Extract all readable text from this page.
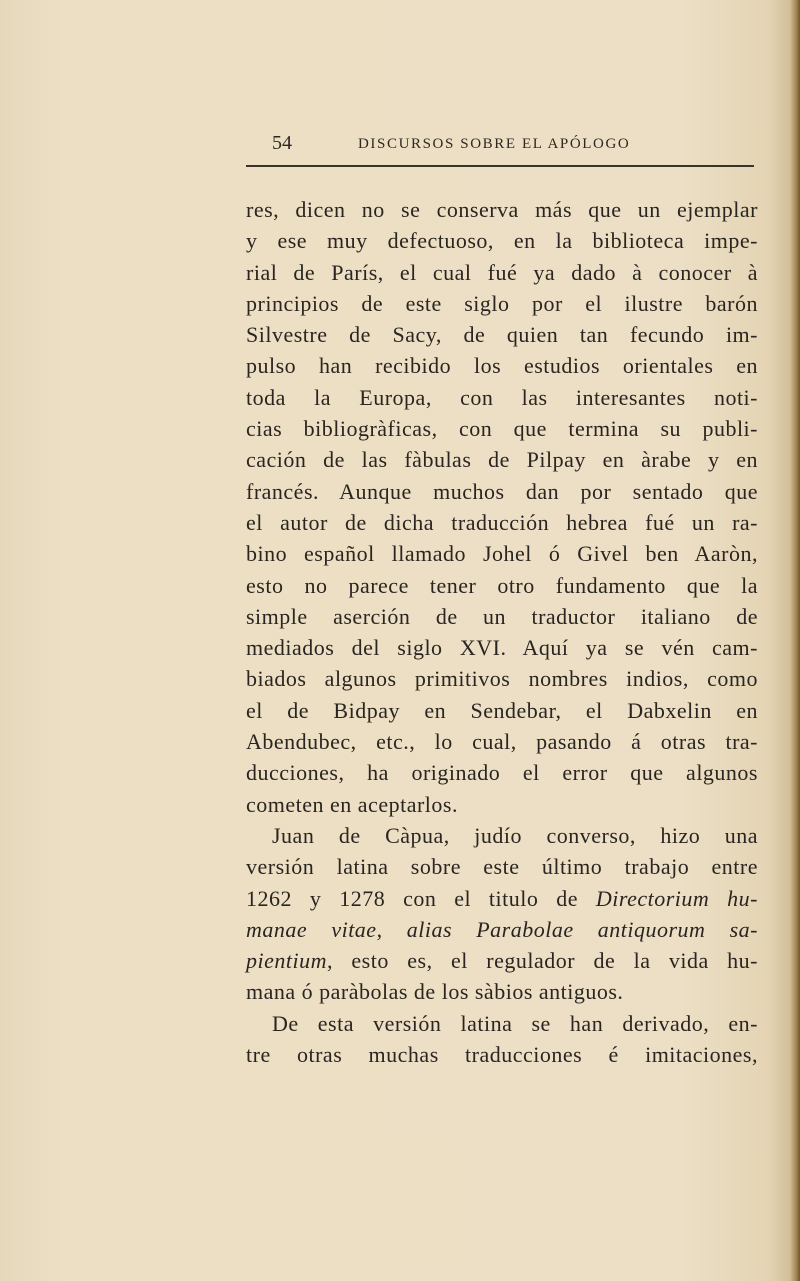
54	DISCURSOS SOBRE EL APÓLOGO
res, dicen no se conserva más que un ejemplar
y ese muy defectuoso, en la biblioteca impe-
rial de París, el cual fué ya dado à conocer à
principios de este siglo por el ilustre barón
Silvestre de Sacy, de quien tan fecundo im-
pulso han recibido los estudios orientales en
toda la Europa, con las interesantes noti-
cias bibliogràficas, con que termina su publi-
cación de las fàbulas de Pilpay en àrabe y en
francés. Aunque muchos dan por sentado que
el autor de dicha traducción hebrea fué un ra-
bino español llamado Johel ó Givel ben Aaròn,
esto no parece tener otro fundamento que la
simple aserción de un traductor italiano de
mediados del siglo XVI. Aquí ya se vén cam-
biados algunos primitivos nombres indios, como
el de Bidpay en Sendebar, el Dabxelin en
Abendubec, etc., lo cual, pasando á otras tra-
ducciones, ha originado el error que algunos
cometen en aceptarlos.
Juan de Càpua, judío converso, hizo una
versión latina sobre este último trabajo entre
1262 y 1278 con el titulo de Directorium hu-
manae vitae, alias Parabolae antiquorum sa-
pientium, esto es, el regulador de la vida hu-
mana ó paràbolas de los sàbios antiguos.
De esta versión latina se han derivado, en-
tre otras muchas traducciones é imitaciones,
